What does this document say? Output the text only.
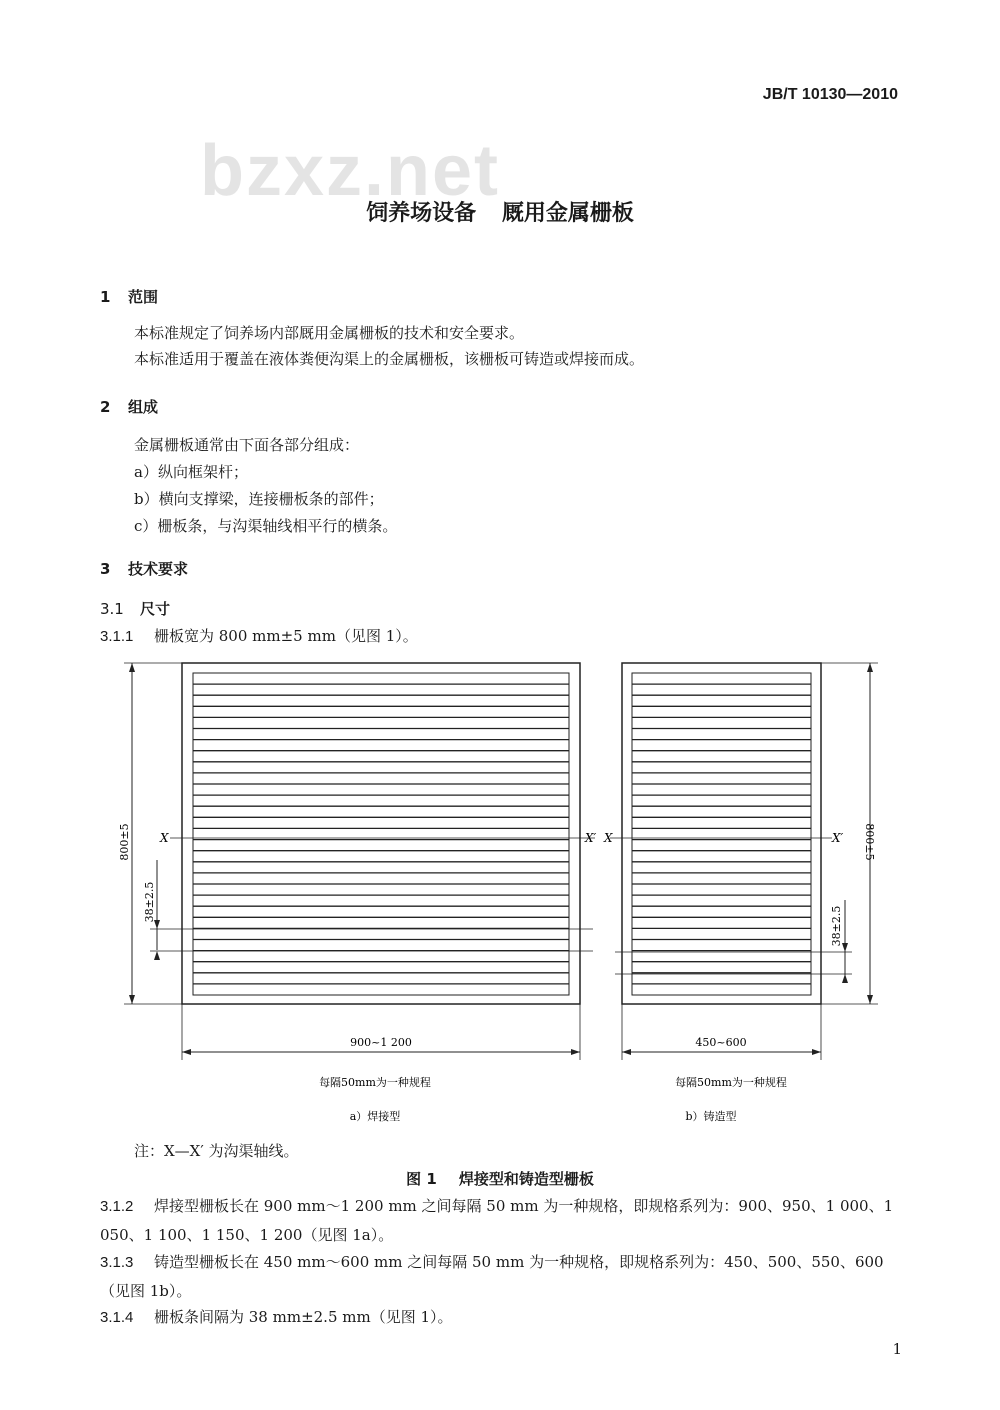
JB/T 10130—2010
bzxz.net
饲养场设备 厩用金属栅板
1 范围
本标准规定了饲养场内部厩用金属栅板的技术和安全要求。
本标准适用于覆盖在液体粪便沟渠上的金属栅板，该栅板可铸造或焊接而成。
2 组成
金属栅板通常由下面各部分组成：
a）纵向框架杆；
b）横向支撑梁，连接栅板条的部件；
c）栅板条，与沟渠轴线相平行的横条。
3 技术要求
3.1 尺寸
3.1.1 栅板宽为 800 mm±5 mm（见图 1）。
800±5
38±2.5
X	X′
900~1 200
每隔50mm为一种规程
a）焊接型
800±5
38±2.5
X	X′
450~600
每隔50mm为一种规程
b）铸造型
注：X—X′ 为沟渠轴线。
图 1 焊接型和铸造型栅板
3.1.2 焊接型栅板长在 900 mm～1 200 mm 之间每隔 50 mm 为一种规格，即规格系列为：900、950、1 000、1 050、1 100、1 150、1 200（见图 1a）。
3.1.3 铸造型栅板长在 450 mm～600 mm 之间每隔 50 mm 为一种规格，即规格系列为：450、500、550、600（见图 1b）。
3.1.4 栅板条间隔为 38 mm±2.5 mm（见图 1）。
1
